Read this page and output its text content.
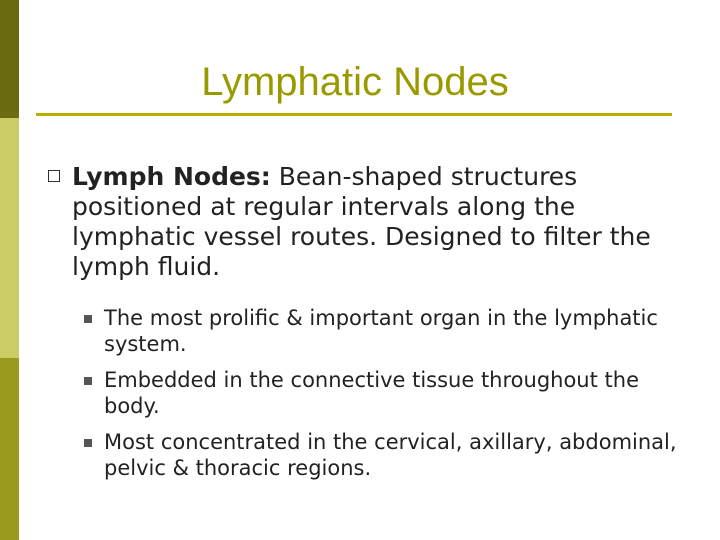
Lymphatic Nodes
Lymph Nodes: Bean-shaped structures positioned at regular intervals along the lymphatic vessel routes. Designed to filter the lymph fluid.
The most prolific & important organ in the lymphatic system.
Embedded in the connective tissue throughout the body.
Most concentrated in the cervical, axillary, abdominal, pelvic & thoracic regions.
